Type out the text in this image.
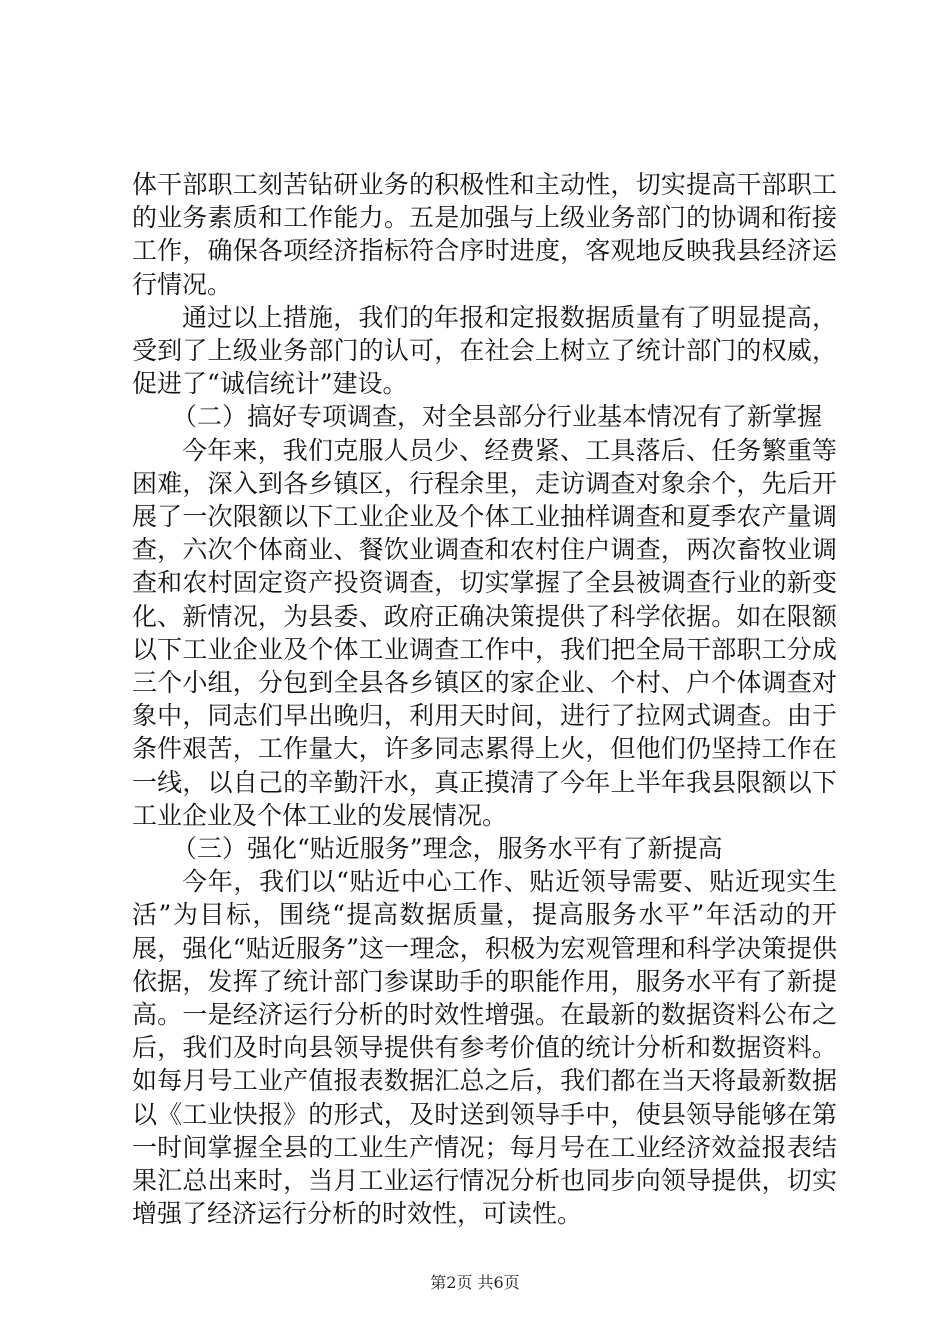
体干部职工刻苦钻研业务的积极性和主动性，切实提高干部职工的业务素质和工作能力。五是加强与上级业务部门的协调和衔接工作，确保各项经济指标符合序时进度，客观地反映我县经济运行情况。

通过以上措施，我们的年报和定报数据质量有了明显提高，受到了上级业务部门的认可，在社会上树立了统计部门的权威，促进了“诚信统计”建设。

（二）搞好专项调查，对全县部分行业基本情况有了新掌握

今年来，我们克服人员少、经费紧、工具落后、任务繁重等困难，深入到各乡镇区，行程余里，走访调查对象余个，先后开展了一次限额以下工业企业及个体工业抽样调查和夏季农产量调查，六次个体商业、餐饮业调查和农村住户调查，两次畜牧业调查和农村固定资产投资调查，切实掌握了全县被调查行业的新变化、新情况，为县委、政府正确决策提供了科学依据。如在限额以下工业企业及个体工业调查工作中，我们把全局干部职工分成三个小组，分包到全县各乡镇区的家企业、个村、户个体调查对象中，同志们早出晚归，利用天时间，进行了拉网式调查。由于条件艰苦，工作量大，许多同志累得上火，但他们仍坚持工作在一线，以自己的辛勤汗水，真正摸清了今年上半年我县限额以下工业企业及个体工业的发展情况。

（三）强化“贴近服务”理念，服务水平有了新提高

今年，我们以“贴近中心工作、贴近领导需要、贴近现实生活”为目标，围绕“提高数据质量，提高服务水平”年活动的开展，强化“贴近服务”这一理念，积极为宏观管理和科学决策提供依据，发挥了统计部门参谋助手的职能作用，服务水平有了新提高。一是经济运行分析的时效性增强。在最新的数据资料公布之后，我们及时向县领导提供有参考价值的统计分析和数据资料。如每月号工业产值报表数据汇总之后，我们都在当天将最新数据以《工业快报》的形式，及时送到领导手中，使县领导能够在第一时间掌握全县的工业生产情况；每月号在工业经济效益报表结果汇总出来时，当月工业运行情况分析也同步向领导提供，切实增强了经济运行分析的时效性，可读性。

第2页 共6页
